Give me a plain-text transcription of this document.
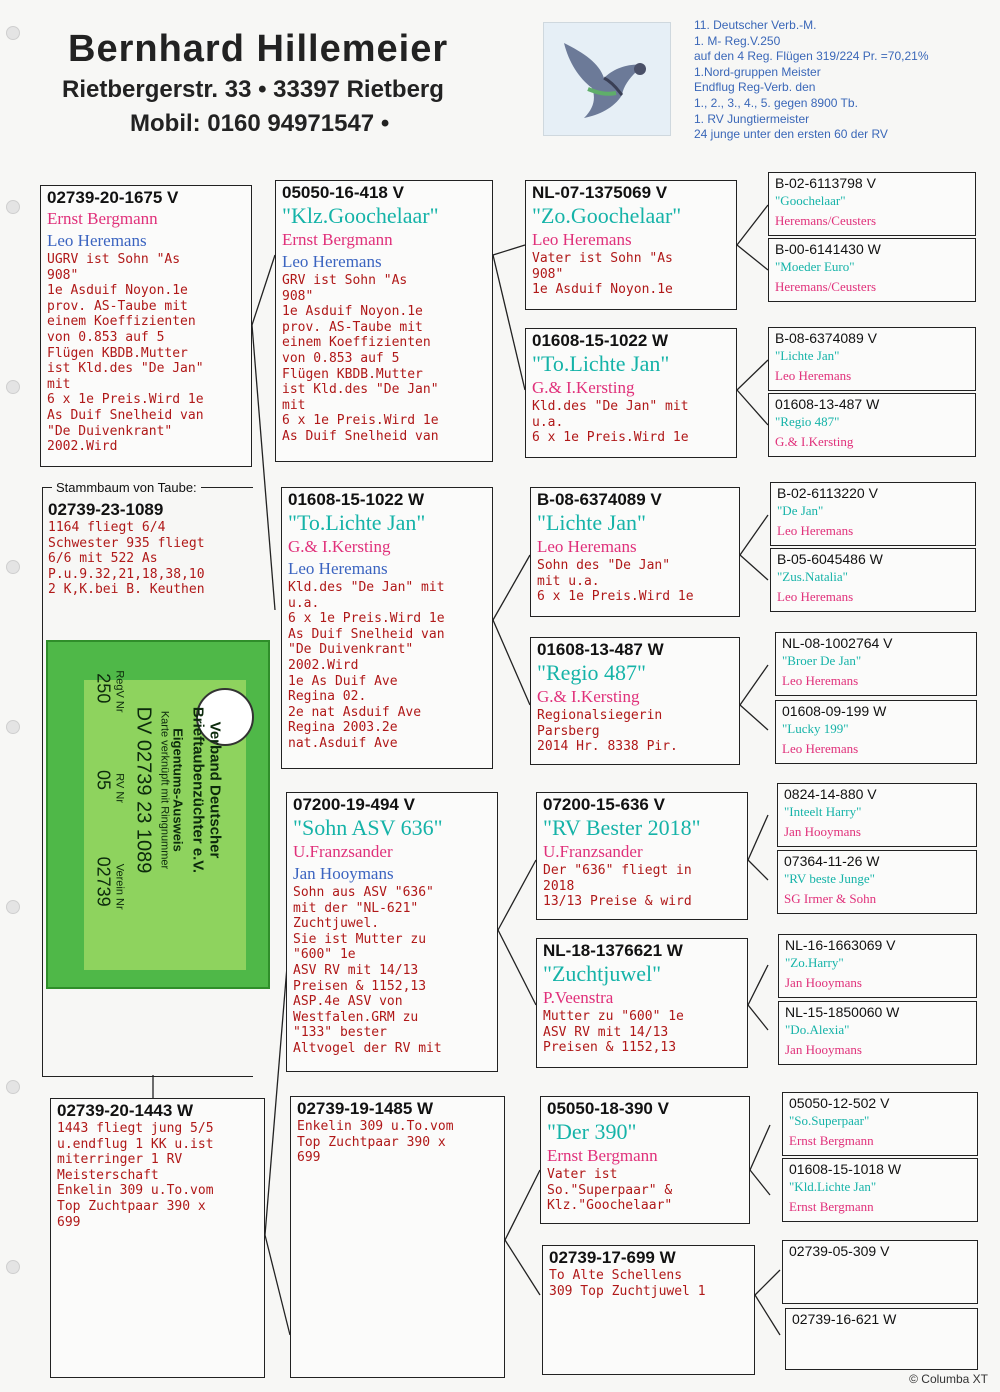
Bernhard Hillemeier
Rietbergerstr. 33 • 33397 Rietberg
Mobil: 0160 94971547 •
11. Deutscher Verb.-M.
1. M- Reg.V.250
auf den 4 Reg. Flügen 319/224 Pr. =70,21%
1.Nord-gruppen Meister
Endflug Reg-Verb. den
1., 2., 3., 4., 5. gegen 8900 Tb.
1. RV Jungtiermeister
24 junge unter den ersten 60 der RV
02739-20-1675 V
Ernst Bergmann
Leo Heremans
UGRV ist Sohn "As
908"
1e Asduif Noyon.1e
prov. AS-Taube mit
einem Koeffizienten
von 0.853 auf 5
Flügen KBDB.Mutter
ist Kld.des "De Jan"
mit
6 x 1e Preis.Wird 1e
As Duif Snelheid van
"De Duivenkrant"
2002.Wird
Stammbaum von Taube:
02739-23-1089
1164 fliegt 6/4
Schwester 935 fliegt
6/6 mit 522 As
P.u.9.32,21,18,38,10
2 K,K.bei B. Keuthen
Verband Deutscher
Brieftaubenzüchter e.V.
Eigentums-Ausweis
Karte verknüpft mit Ringnummer
DV 02739 23 1089
RegV Nr
RV Nr
Verein Nr
250
05
02739
02739-20-1443 W
1443 fliegt jung 5/5
u.endflug 1 KK u.ist
miterringer 1 RV
Meisterschaft
Enkelin 309 u.To.vom
Top Zuchtpaar 390 x
699
05050-16-418 V
"Klz.Goochelaar"
Ernst Bergmann
Leo Heremans
GRV ist Sohn "As
908"
1e Asduif Noyon.1e
prov. AS-Taube mit
einem Koeffizienten
von 0.853 auf 5
Flügen KBDB.Mutter
ist Kld.des "De Jan"
mit
6 x 1e Preis.Wird 1e
As Duif Snelheid van
01608-15-1022 W
"To.Lichte Jan"
G.& I.Kersting
Leo Heremans
Kld.des "De Jan" mit
u.a.
6 x 1e Preis.Wird 1e
As Duif Snelheid van
"De Duivenkrant"
2002.Wird
1e As Duif Ave
Regina 02.
2e nat Asduif Ave
Regina 2003.2e
nat.Asduif Ave
07200-19-494 V
"Sohn ASV 636"
U.Franzsander
Jan Hooymans
Sohn aus ASV "636"
mit der "NL-621"
Zuchtjuwel.
Sie ist Mutter zu
"600" 1e
ASV RV mit 14/13
Preisen & 1152,13
ASP.4e ASV von
Westfalen.GRM zu
"133" bester
Altvogel der RV mit
02739-19-1485 W
Enkelin 309 u.To.vom
Top Zuchtpaar 390 x
699
NL-07-1375069 V
"Zo.Goochelaar"
Leo Heremans
Vater ist Sohn "As
908"
1e Asduif Noyon.1e
01608-15-1022 W
"To.Lichte Jan"
G.& I.Kersting
Kld.des "De Jan" mit
u.a.
6 x 1e Preis.Wird 1e
B-08-6374089 V
"Lichte Jan"
Leo Heremans
Sohn des "De Jan"
mit u.a.
6 x 1e Preis.Wird 1e
01608-13-487 W
"Regio 487"
G.& I.Kersting
Regionalsiegerin
Parsberg
2014 Hr. 8338 Pir.
07200-15-636 V
"RV Bester 2018"
U.Franzsander
Der "636" fliegt in
2018
13/13 Preise & wird
NL-18-1376621 W
"Zuchtjuwel"
P.Veenstra
Mutter zu "600" 1e
ASV RV mit 14/13
Preisen & 1152,13
05050-18-390 V
"Der 390"
Ernst Bergmann
Vater ist
So."Superpaar" &
Klz."Goochelaar"
02739-17-699 W
To Alte Schellens
309 Top Zuchtjuwel 1
B-02-6113798 V
"Goochelaar"
Heremans/Ceusters
B-00-6141430 W
"Moeder Euro"
Heremans/Ceusters
B-08-6374089 V
"Lichte Jan"
Leo Heremans
01608-13-487 W
"Regio 487"
G.& I.Kersting
B-02-6113220 V
"De Jan"
Leo Heremans
B-05-6045486 W
"Zus.Natalia"
Leo Heremans
NL-08-1002764 V
"Broer De Jan"
Leo Heremans
01608-09-199 W
"Lucky 199"
Leo Heremans
0824-14-880 V
"Inteelt Harry"
Jan Hooymans
07364-11-26 W
"RV beste Junge"
SG Irmer & Sohn
NL-16-1663069 V
"Zo.Harry"
Jan Hooymans
NL-15-1850060 W
"Do.Alexia"
Jan Hooymans
05050-12-502 V
"So.Superpaar"
Ernst Bergmann
01608-15-1018 W
"Kld.Lichte Jan"
Ernst Bergmann
02739-05-309 V
02739-16-621 W
© Columba XT
